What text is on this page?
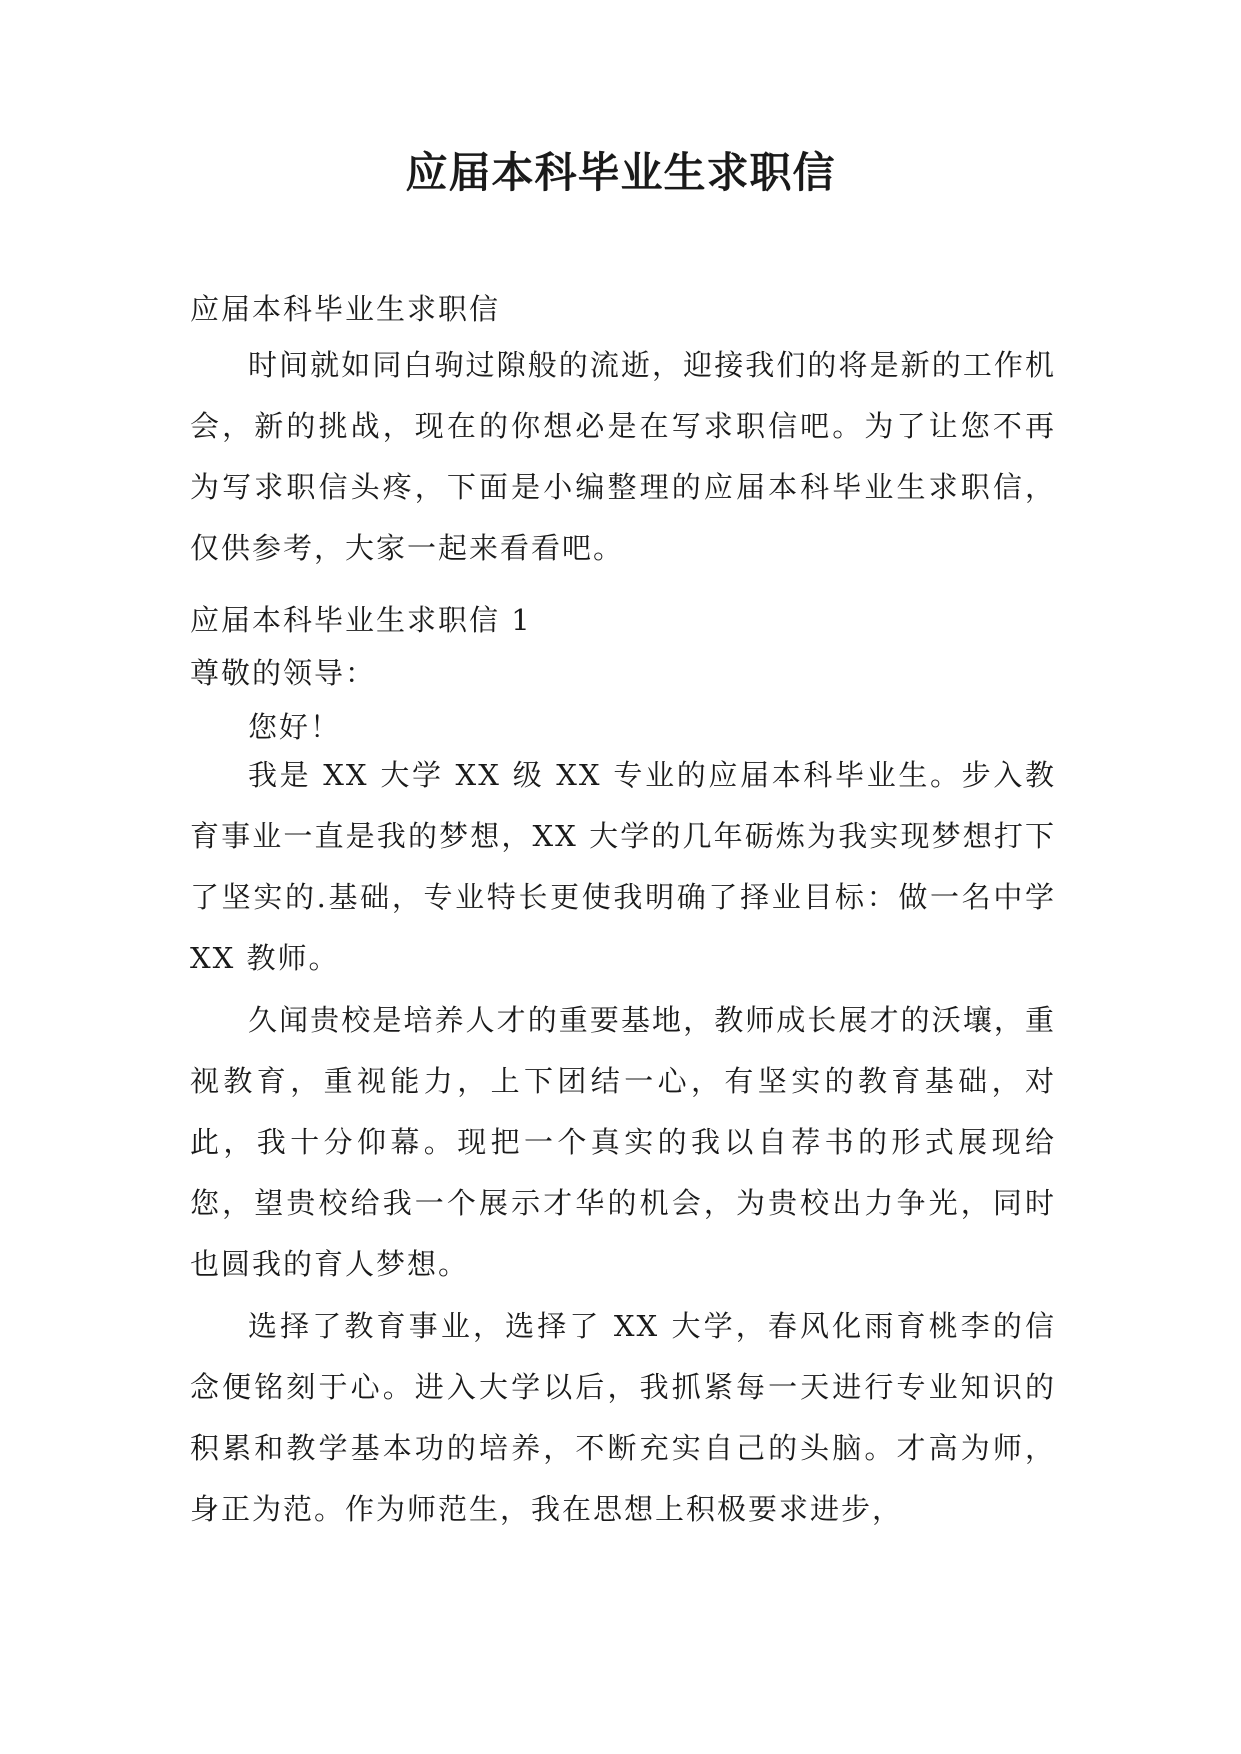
应届本科毕业生求职信

应届本科毕业生求职信

时间就如同白驹过隙般的流逝，迎接我们的将是新的工作机会，新的挑战，现在的你想必是在写求职信吧。为了让您不再为写求职信头疼，下面是小编整理的应届本科毕业生求职信，仅供参考，大家一起来看看吧。

应届本科毕业生求职信 1

尊敬的领导：

您好！

我是 XX 大学 XX 级 XX 专业的应届本科毕业生。步入教育事业一直是我的梦想，XX 大学的几年砺炼为我实现梦想打下了坚实的.基础，专业特长更使我明确了择业目标：做一名中学 XX 教师。

久闻贵校是培养人才的重要基地，教师成长展才的沃壤，重视教育，重视能力，上下团结一心，有坚实的教育基础，对此，我十分仰幕。现把一个真实的我以自荐书的形式展现给您，望贵校给我一个展示才华的机会，为贵校出力争光，同时也圆我的育人梦想。

选择了教育事业，选择了 XX 大学，春风化雨育桃李的信念便铭刻于心。进入大学以后，我抓紧每一天进行专业知识的积累和教学基本功的培养，不断充实自己的头脑。才高为师，身正为范。作为师范生，我在思想上积极要求进步，
